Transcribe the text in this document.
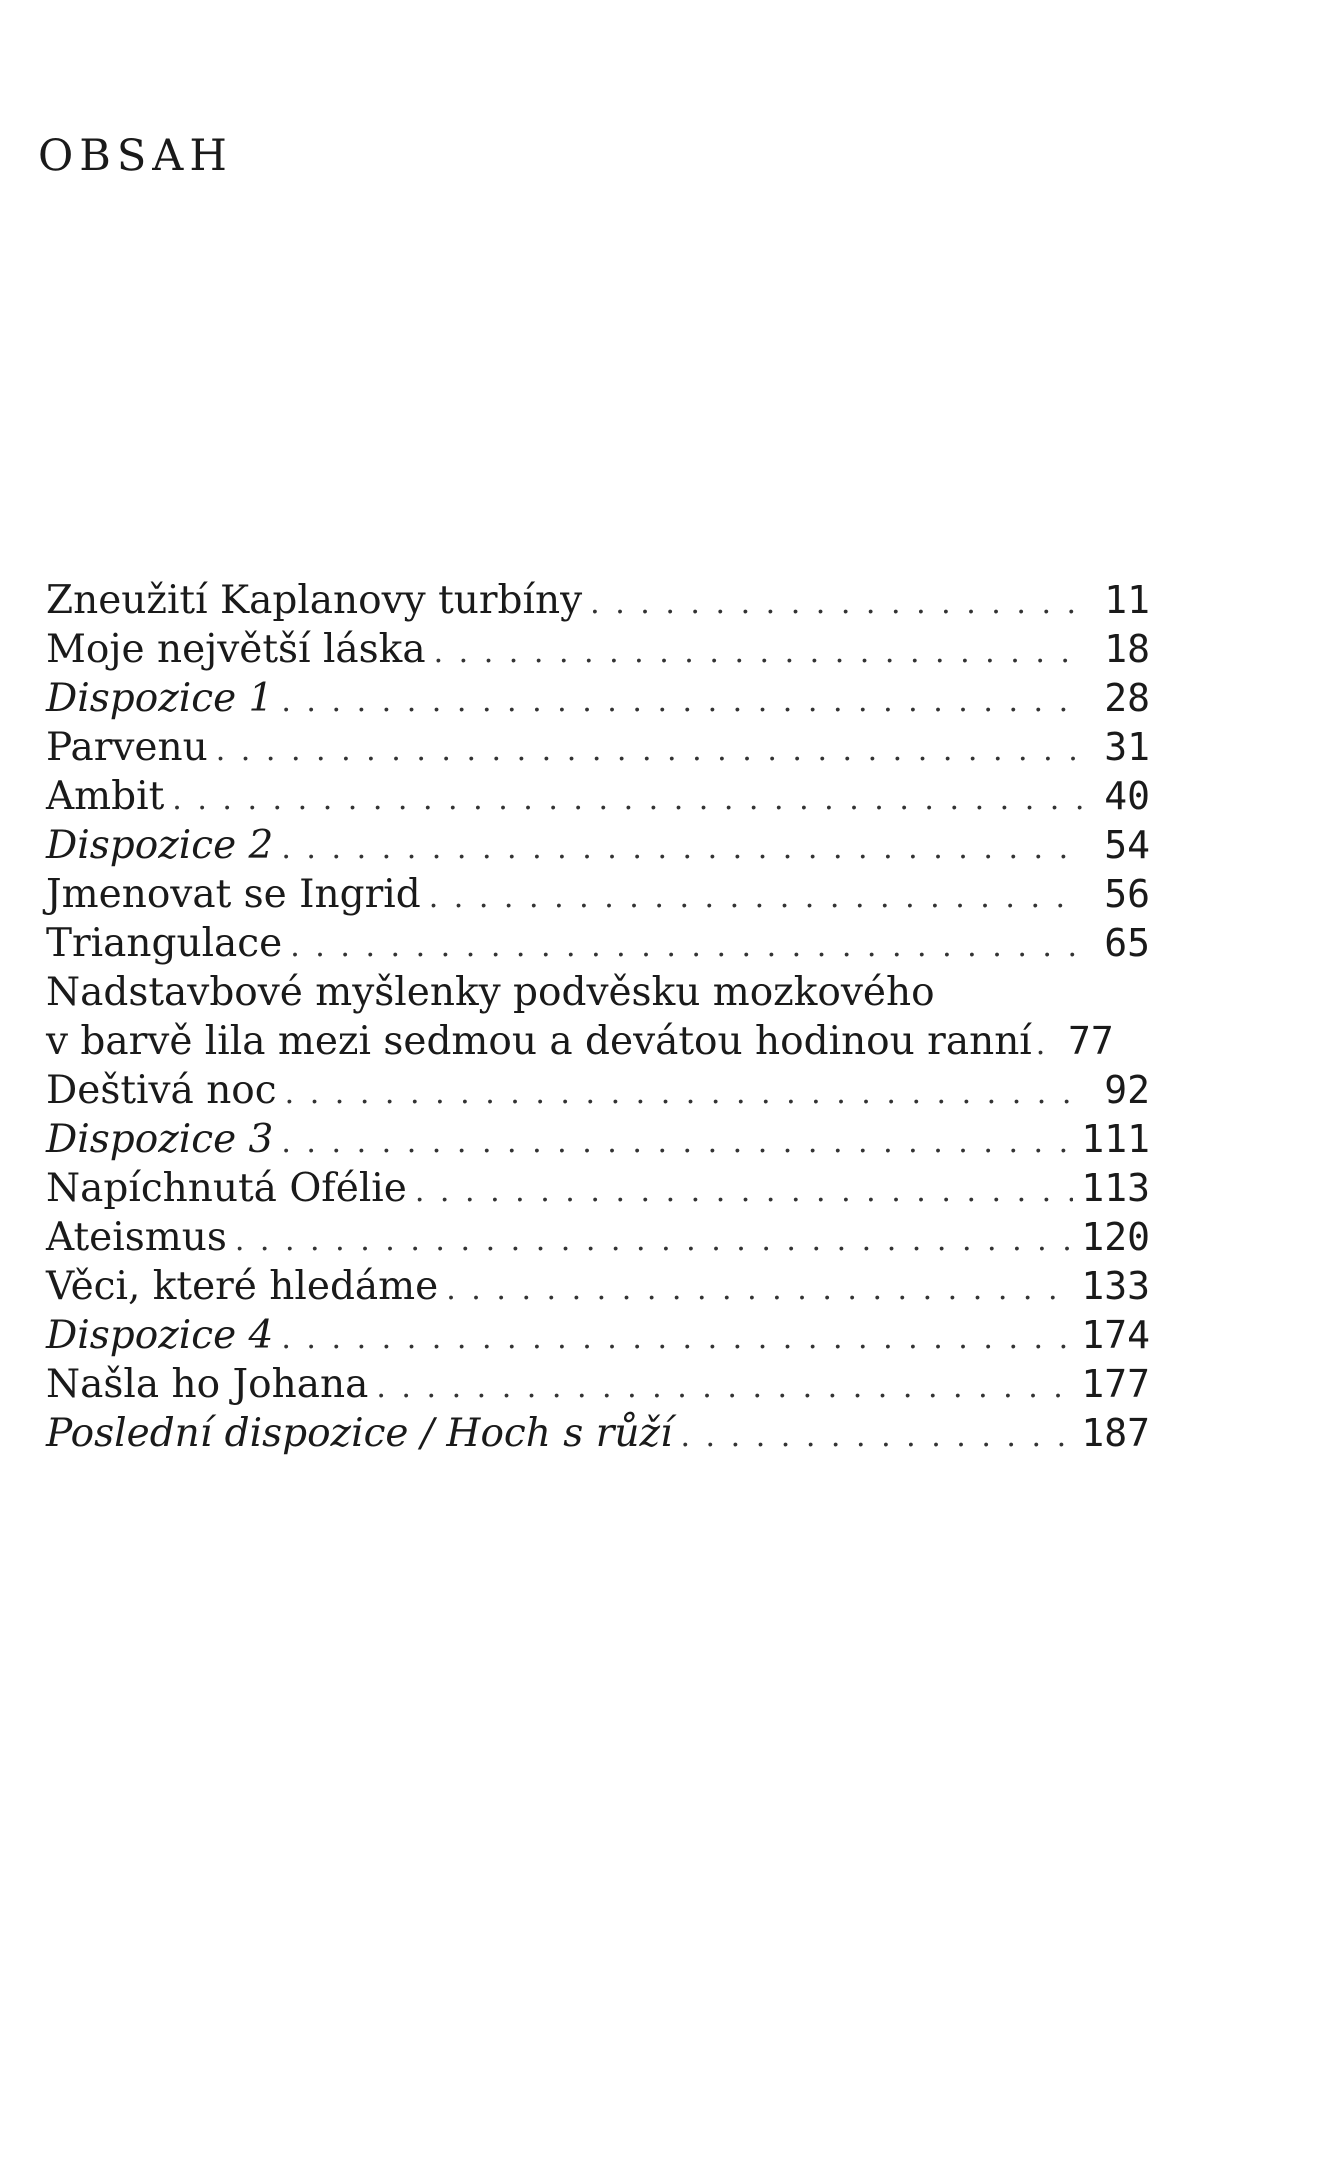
OBSAH
Zneužití Kaplanovy turbíny . . .	11
Moje největší láska . . .	18
Dispozice 1 . . .	28
Parvenu . . .	31
Ambit . . .	40
Dispozice 2 . . .	54
Jmenovat se Ingrid . . .	56
Triangulace . . .	65
Nadstavbové myšlenky podvěsku mozkového
v barvě lila mezi sedmou a devátou hodinou ranní . . . 77
Deštivá noc . . .	92
Dispozice 3 . . .	111
Napíchnutá Ofélie . . .	113
Ateismus . . .	120
Věci, které hledáme . . .	133
Dispozice 4 . . .	174
Našla ho Johana . . .	177
Poslední dispozice / Hoch s růží . . .	187
